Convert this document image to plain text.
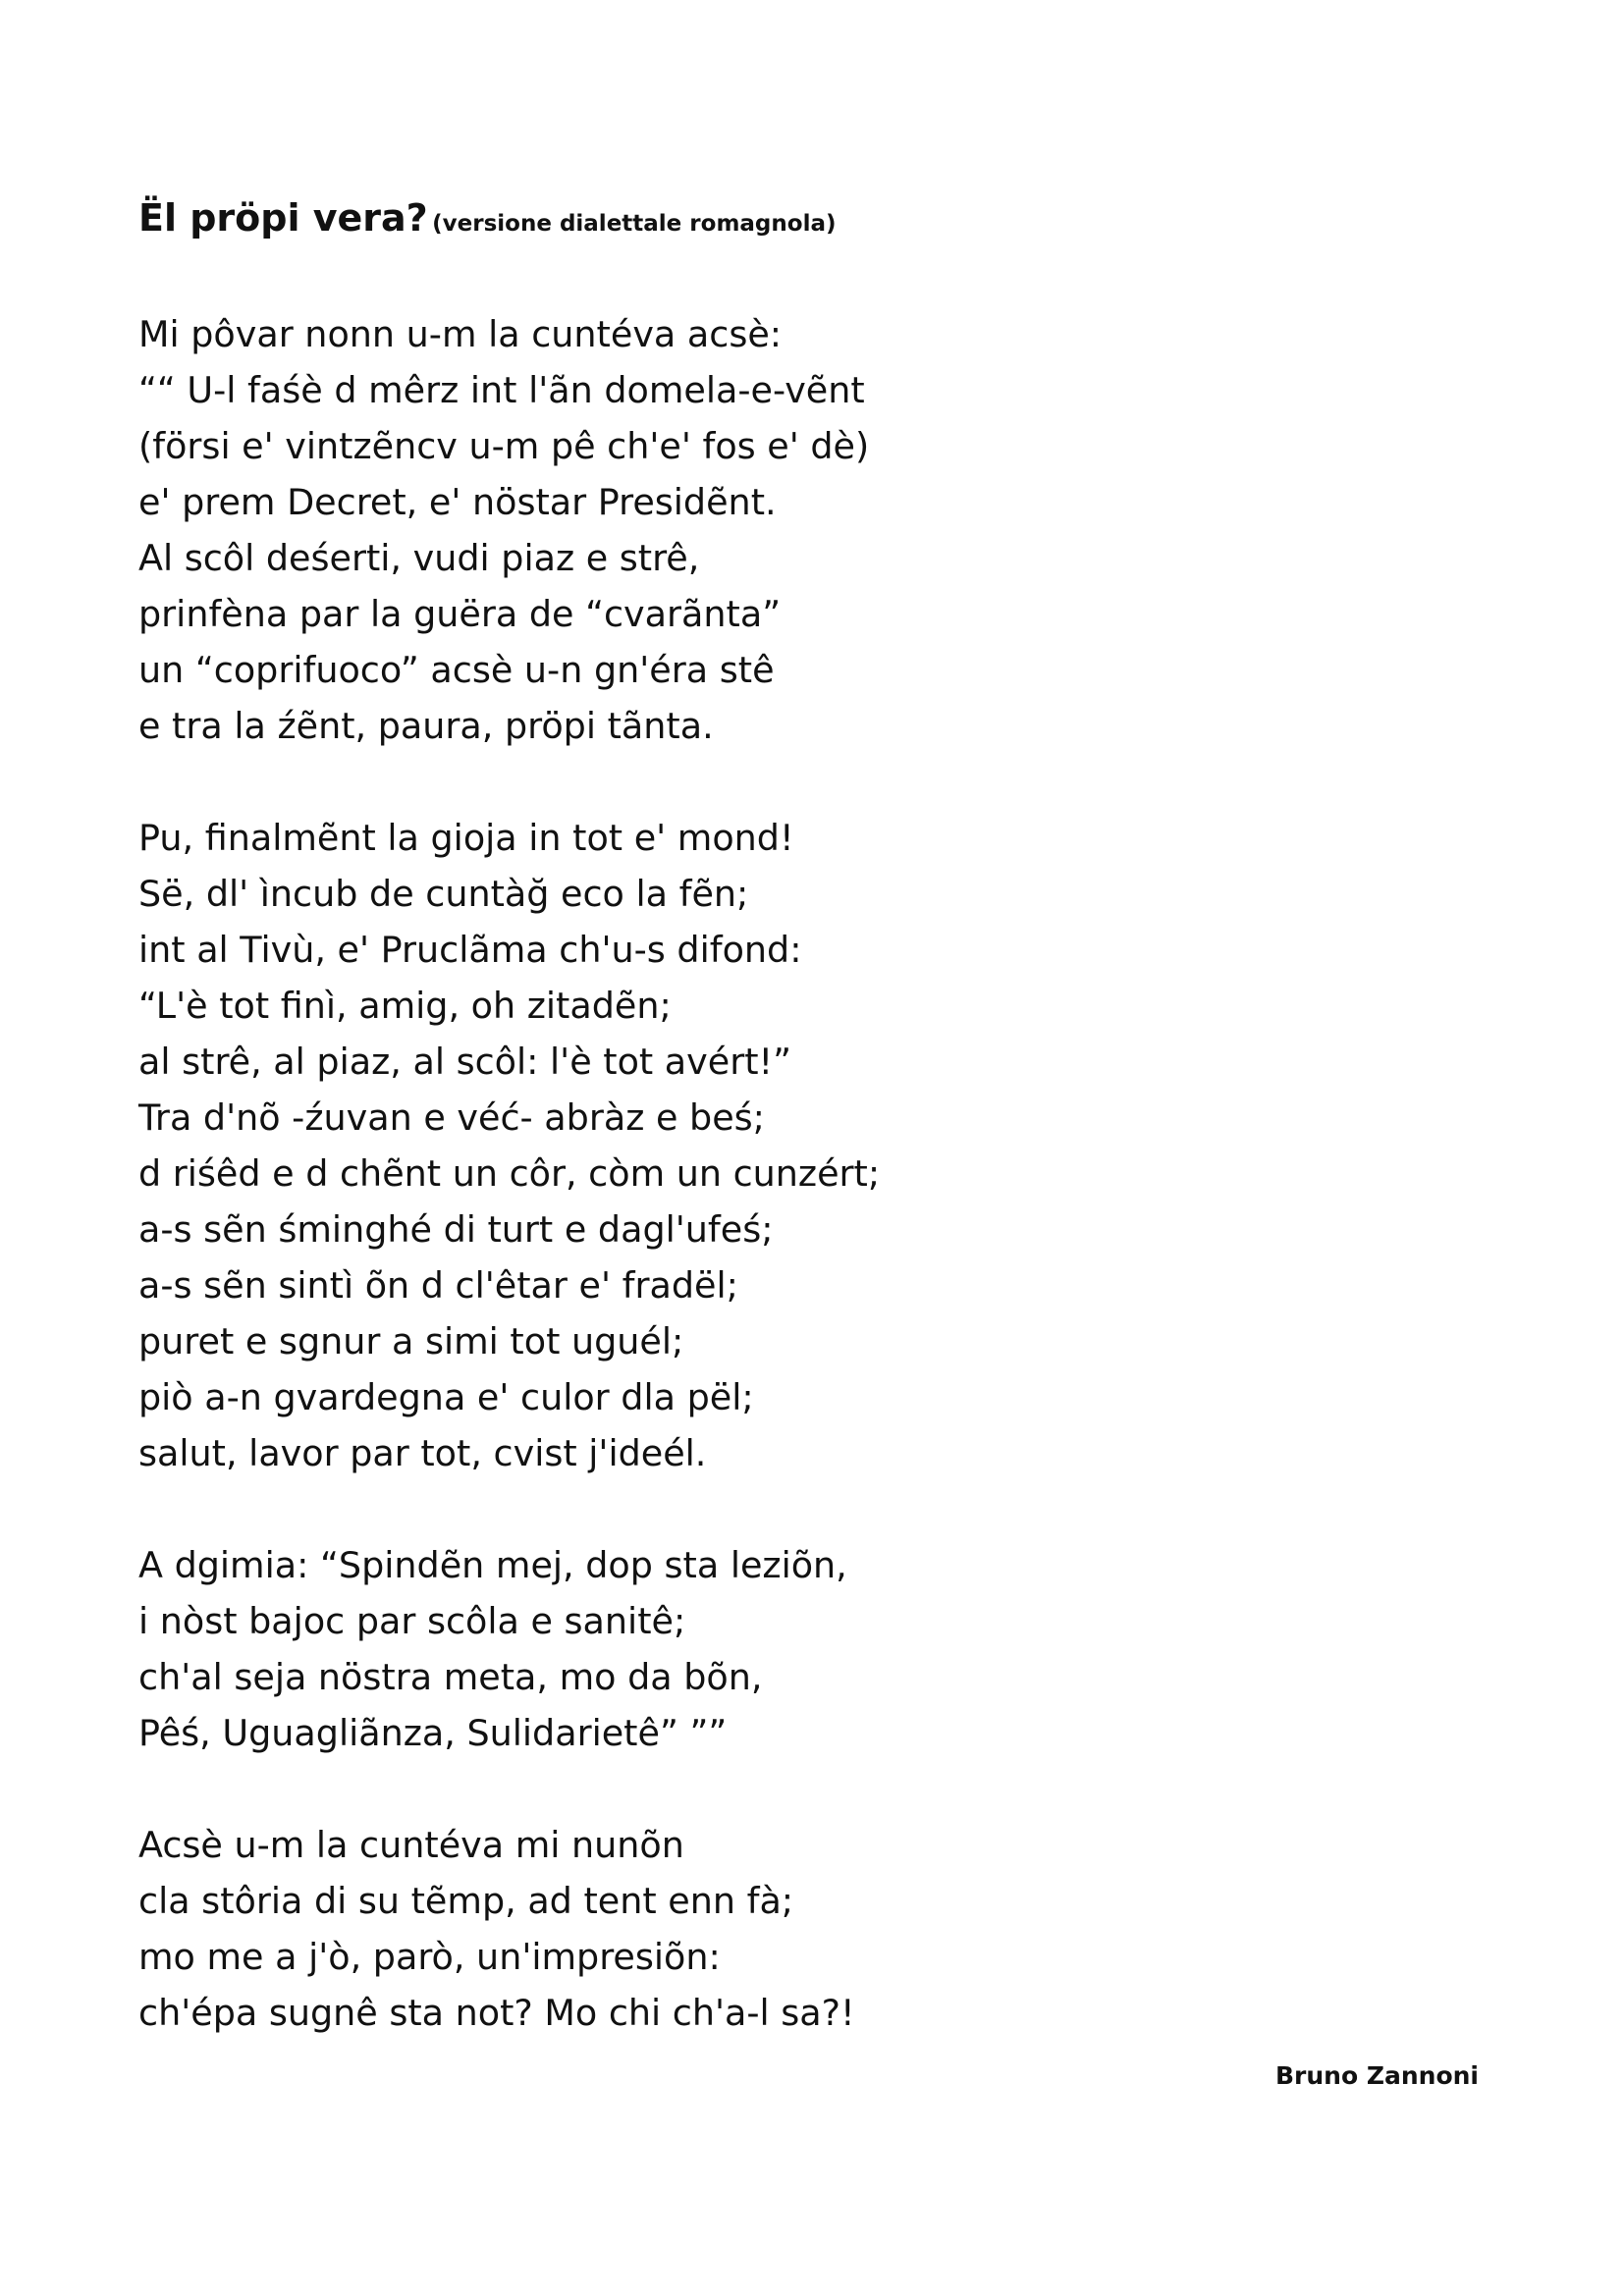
Ël pröpi vera? (versione dialettale romagnola)
Mi pôvar nonn u-m la cuntéva acsè:
““ U-l faśè d mêrz int l'ãn domela-e-vẽnt
(försi e' vintzẽncv u-m pê ch'e' fos e' dè)
e' prem Decret, e' nöstar Presidẽnt.
Al scôl deśerti, vudi piaz e strê,
prinfèna par la guëra de “cvarãnta”
un “coprifuoco” acsè u-n gn'éra stê
e tra la źẽnt, paura, pröpi tãnta.
Pu, finalmẽnt la gioja in tot e' mond!
Së, dl' ìncub de cuntàğ eco la fẽn;
int al Tivù, e' Pruclãma ch'u-s difond:
“L'è tot finì, amig, oh zitadẽn;
al strê, al piaz, al scôl: l'è tot avért!”
Tra d'nõ -źuvan e véć- abràz e beś;
d riśêd e d chẽnt un côr, còm un cunzért;
a-s sẽn śminghé di turt e dagl'ufeś;
a-s sẽn sintì õn d cl'êtar e' fradël;
puret e sgnur a simi tot uguél;
piò a-n gvardegna e' culor dla pël;
salut, lavor par tot, cvist j'ideél.
A dgimia: “Spindẽn mej, dop sta leziõn,
i nòst bajoc par scôla e sanitê;
ch'al seja nöstra meta, mo da bõn,
Pêś, Uguagliãnza, Sulidarietê” ””
Acsè u-m la cuntéva mi nunõn
cla stôria di su tẽmp, ad tent enn fà;
mo me a j'ò, parò, un'impresiõn:
ch'épa sugnê sta not? Mo chi ch'a-l sa?!
Bruno Zannoni
